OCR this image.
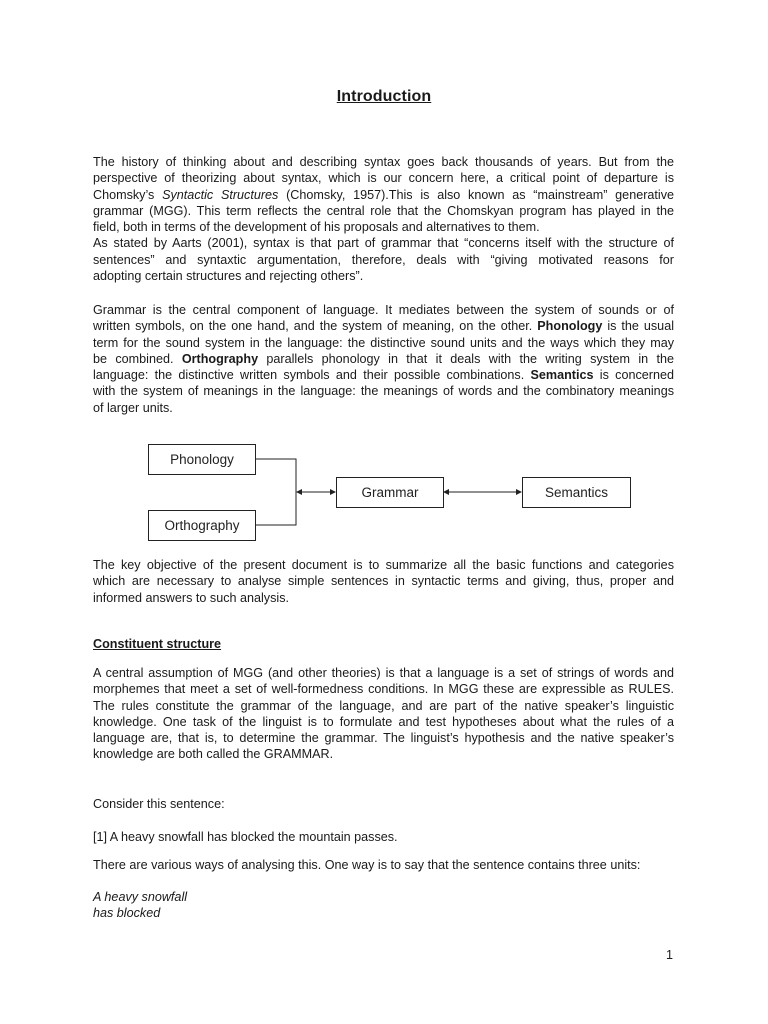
Introduction
The history of thinking about and describing syntax goes back thousands of years. But from the
perspective of theorizing about syntax, which is our concern here, a critical point of departure is
Chomsky’s Syntactic Structures (Chomsky, 1957).This is also known as “mainstream” generative
grammar (MGG). This term reflects the central role that the Chomskyan program has played in the
field, both in terms of the development of his proposals and alternatives to them.
As stated by Aarts (2001), syntax is that part of grammar that “concerns itself with the structure of
sentences” and syntaxtic argumentation, therefore, deals with “giving motivated reasons for
adopting certain structures and rejecting others”.
Grammar is the central component of language. It mediates between the system of sounds or of
written symbols, on the one hand, and the system of meaning, on the other. Phonology is the usual
term for the sound system in the language: the distinctive sound units and the ways which they may
be combined. Orthography parallels phonology in that it deals with the writing system in the
language: the distinctive written symbols and their possible combinations. Semantics is concerned
with the system of meanings in the language: the meanings of words and the combinatory meanings
of larger units.
Phonology
Orthography
Grammar	Semantics
The key objective of the present document is to summarize all the basic functions and categories
which are necessary to analyse simple sentences in syntactic terms and giving, thus, proper and
informed answers to such analysis.
Constituent structure
A central assumption of MGG (and other theories) is that a language is a set of strings of words and
morphemes that meet a set of well-formedness conditions. In MGG these are expressible as RULES.
The rules constitute the grammar of the language, and are part of the native speaker’s linguistic
knowledge. One task of the linguist is to formulate and test hypotheses about what the rules of a
language are, that is, to determine the grammar. The linguist’s hypothesis and the native speaker’s
knowledge are both called the GRAMMAR.
Consider this sentence:
[1] A heavy snowfall has blocked the mountain passes.
There are various ways of analysing this. One way is to say that the sentence contains three units:
A heavy snowfall
has blocked
1
